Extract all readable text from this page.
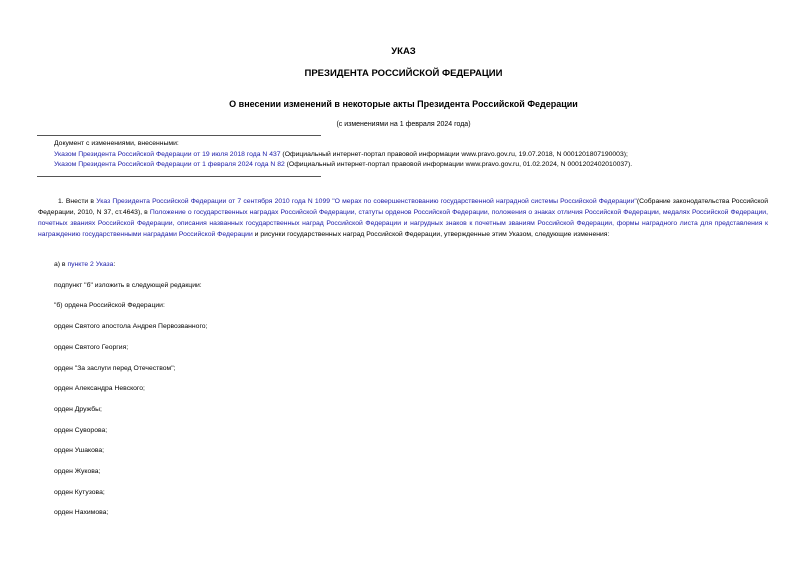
УКАЗ
ПРЕЗИДЕНТА РОССИЙСКОЙ ФЕДЕРАЦИИ
О внесении изменений в некоторые акты Президента Российской Федерации
(с изменениями на 1 февраля 2024 года)
Документ с изменениями, внесенными:
Указом Президента Российской Федерации от 19 июля 2018 года N 437 (Официальный интернет-портал правовой информации www.pravo.gov.ru, 19.07.2018, N 0001201807190003);
Указом Президента Российской Федерации от 1 февраля 2024 года N 82 (Официальный интернет-портал правовой информации www.pravo.gov.ru, 01.02.2024, N 0001202402010037).
1. Внести в Указ Президента Российской Федерации от 7 сентября 2010 года N 1099 "О мерах по совершенствованию государственной наградной системы Российской Федерации"(Собрание законодательства Российской Федерации, 2010, N 37, ст.4643), в Положение о государственных наградах Российской Федерации, статуты орденов Российской Федерации, положения о знаках отличия Российской Федерации, медалях Российской Федерации, почетных званиях Российской Федерации, описания названных государственных наград Российской Федерации и нагрудных знаков к почетным званиям Российской Федерации, формы наградного листа для представления к награждению государственными наградами Российской Федерации и рисунки государственных наград Российской Федерации, утвержденные этим Указом, следующие изменения:
а) в пункте 2 Указа:
подпункт "б" изложить в следующей редакции:
"б) ордена Российской Федерации:
орден Святого апостола Андрея Первозванного;
орден Святого Георгия;
орден "За заслуги перед Отечеством";
орден Александра Невского;
орден Дружбы;
орден Суворова;
орден Ушакова;
орден Жукова;
орден Кутузова;
орден Нахимова;
